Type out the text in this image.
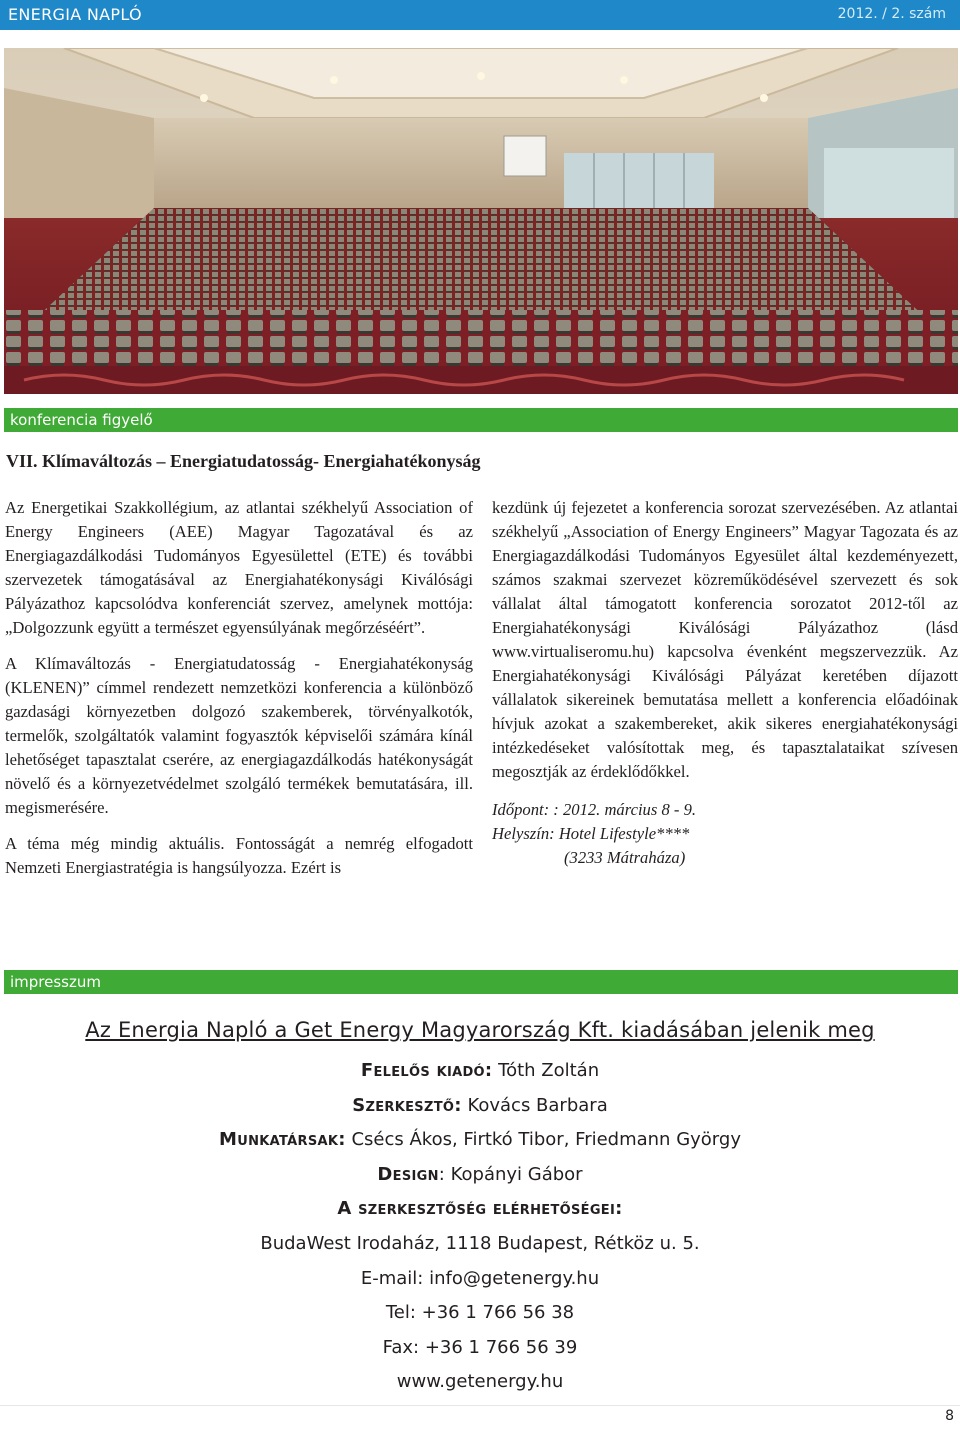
ENERGIA NAPLÓ	2012. / 2. szám
konferencia figyelő
VII. Klímaváltozás – Energiatudatosság- Energiahatékonyság

Az Energetikai Szakkollégium, az atlantai székhelyű Association of Energy Engineers (AEE) Magyar Tagozatával és az Energiagazdálkodási Tudományos Egyesülettel (ETE) és további szervezetek támogatásával az Energiahatékonysági Kiválósági Pályázathoz kapcsolódva konferenciát szervez, amelynek mottója: „Dolgozzunk együtt a természet egyensúlyának megőrzéséért”.

A Klímaváltozás - Energiatudatosság - Energiahatékonyság (KLENEN)” címmel rendezett nemzetközi konferencia a különböző gazdasági környezetben dolgozó szakemberek, törvényalkotók, termelők, szolgáltatók valamint fogyasztók képviselői számára kínál lehetőséget tapasztalat cserére, az energiagazdálkodás hatékonyságát növelő és a környezetvédelmet szolgáló termékek bemutatására, ill. megismerésére.

A téma még mindig aktuális. Fontosságát a nemrég elfogadott Nemzeti Energiastratégia is hangsúlyozza. Ezért is

kezdünk új fejezetet a konferencia sorozat szervezésében. Az atlantai székhelyű „Association of Energy Engineers” Magyar Tagozata és az Energiagazdálkodási Tudományos Egyesület által kezdeményezett, számos szakmai szervezet közreműködésével szervezett és sok vállalat által támogatott konferencia sorozatot 2012-től az Energiahatékonysági Kiválósági Pályázathoz (lásd www.virtualiseromu.hu) kapcsolva évenként megszervezzük. Az Energiahatékonysági Kiválósági Pályázat keretében díjazott vállalatok sikereinek bemutatása mellett a konferencia előadóinak hívjuk azokat a szakembereket, akik sikeres energiahatékonysági intézkedéseket valósítottak meg, és tapasztalataikat szívesen megosztják az érdeklődőkkel.

Időpont: : 2012. március 8 - 9.
Helyszín: Hotel Lifestyle****
(3233 Mátraháza)
impresszum
Az Energia Napló a Get Energy Magyarország Kft. kiadásában jelenik meg
Felelős kiadó: Tóth Zoltán
Szerkesztő: Kovács Barbara
Munkatársak: Csécs Ákos, Firtkó Tibor, Friedmann György
Design: Kopányi Gábor
A szerkesztőség elérhetőségei:
BudaWest Irodaház, 1118 Budapest, Rétköz u. 5.
E-mail: info@getenergy.hu
Tel: +36 1 766 56 38
Fax: +36 1 766 56 39
www.getenergy.hu
8
